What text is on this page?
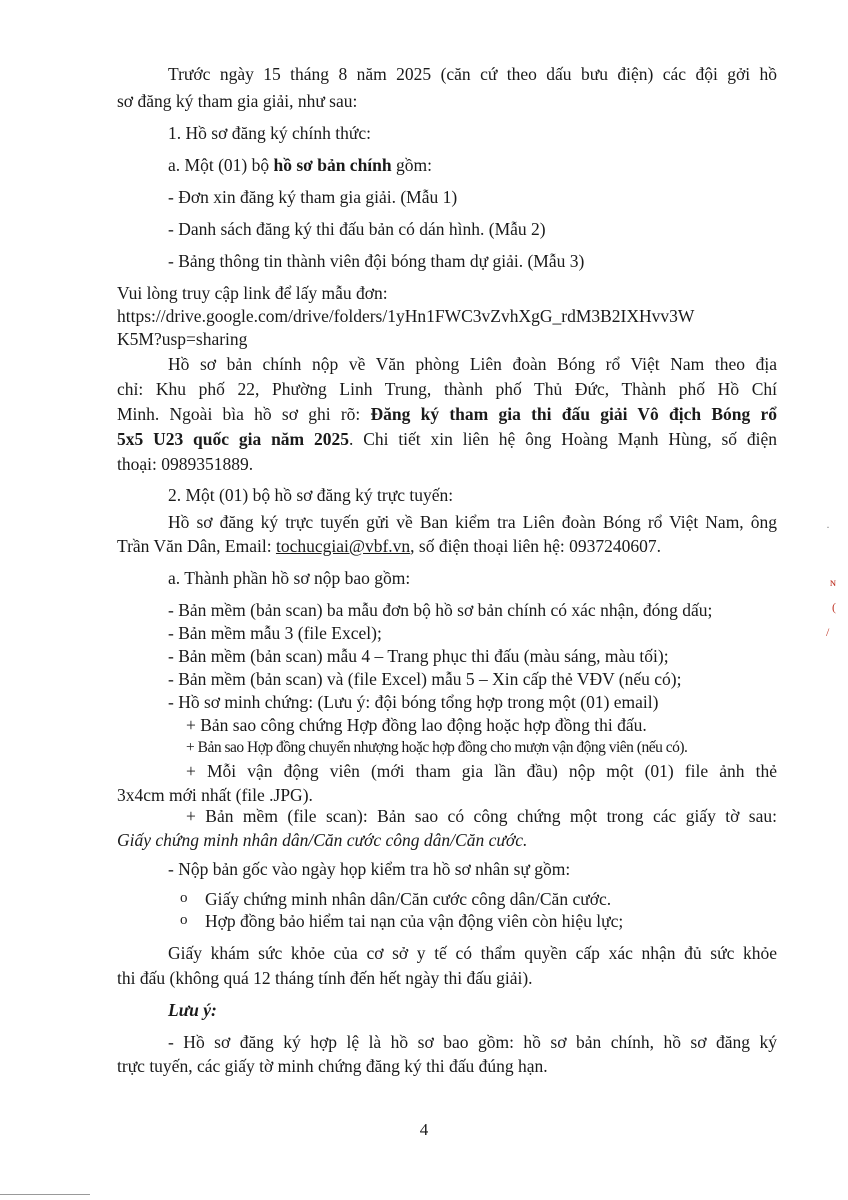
Trước ngày 15 tháng 8 năm 2025 (căn cứ theo dấu bưu điện) các đội gởi hồ

sơ đăng ký tham gia giải, như sau:

1. Hồ sơ đăng ký chính thức:

a. Một (01) bộ hồ sơ bản chính gồm:

- Đơn xin đăng ký tham gia giải. (Mẫu 1)

- Danh sách đăng ký thi đấu bản có dán hình. (Mẫu 2)

- Bảng thông tin thành viên đội bóng tham dự giải. (Mẫu 3)

Vui lòng truy cập link để lấy mẫu đơn:

https://drive.google.com/drive/folders/1yHn1FWC3vZvhXgG_rdM3B2IXHvv3W

K5M?usp=sharing

Hồ sơ bản chính nộp về Văn phòng Liên đoàn Bóng rổ Việt Nam theo địa

chỉ: Khu phố 22, Phường Linh Trung, thành phố Thủ Đức, Thành phố Hồ Chí

Minh. Ngoài bìa hồ sơ ghi rõ: Đăng ký tham gia thi đấu giải Vô địch Bóng rổ

5x5 U23 quốc gia năm 2025. Chi tiết xin liên hệ ông Hoàng Mạnh Hùng, số điện

thoại: 0989351889.

2. Một (01) bộ hồ sơ đăng ký trực tuyến:

Hồ sơ đăng ký trực tuyến gửi về Ban kiểm tra Liên đoàn Bóng rổ Việt Nam, ông

Trần Văn Dân, Email: tochucgiai@vbf.vn, số điện thoại liên hệ: 0937240607.

a. Thành phần hồ sơ nộp bao gồm:

- Bản mềm (bản scan) ba mẫu đơn bộ hồ sơ bản chính có xác nhận, đóng dấu;

- Bản mềm mẫu 3 (file Excel);

- Bản mềm (bản scan) mẫu 4 – Trang phục thi đấu (màu sáng, màu tối);

- Bản mềm (bản scan) và (file Excel) mẫu 5 – Xin cấp thẻ VĐV (nếu có);

- Hồ sơ minh chứng: (Lưu ý: đội bóng tổng hợp trong một (01) email)

+ Bản sao công chứng Hợp đồng lao động hoặc hợp đồng thi đấu.

+ Bản sao Hợp đồng chuyển nhượng hoặc hợp đồng cho mượn vận động viên (nếu có).

+ Mỗi vận động viên (mới tham gia lần đầu) nộp một (01) file ảnh thẻ

3x4cm mới nhất (file .JPG).

+ Bản mềm (file scan): Bản sao có công chứng một trong các giấy tờ sau:

Giấy chứng minh nhân dân/Căn cước công dân/Căn cước.

- Nộp bản gốc vào ngày họp kiểm tra hồ sơ nhân sự gồm:

o Giấy chứng minh nhân dân/Căn cước công dân/Căn cước.

o Hợp đồng bảo hiểm tai nạn của vận động viên còn hiệu lực;

Giấy khám sức khỏe của cơ sở y tế có thẩm quyền cấp xác nhận đủ sức khỏe

thi đấu (không quá 12 tháng tính đến hết ngày thi đấu giải).

Lưu ý:

- Hồ sơ đăng ký hợp lệ là hồ sơ bao gồm: hồ sơ bản chính, hồ sơ đăng ký

trực tuyến, các giấy tờ minh chứng đăng ký thi đấu đúng hạn.

4
·
ɴ
(
/
